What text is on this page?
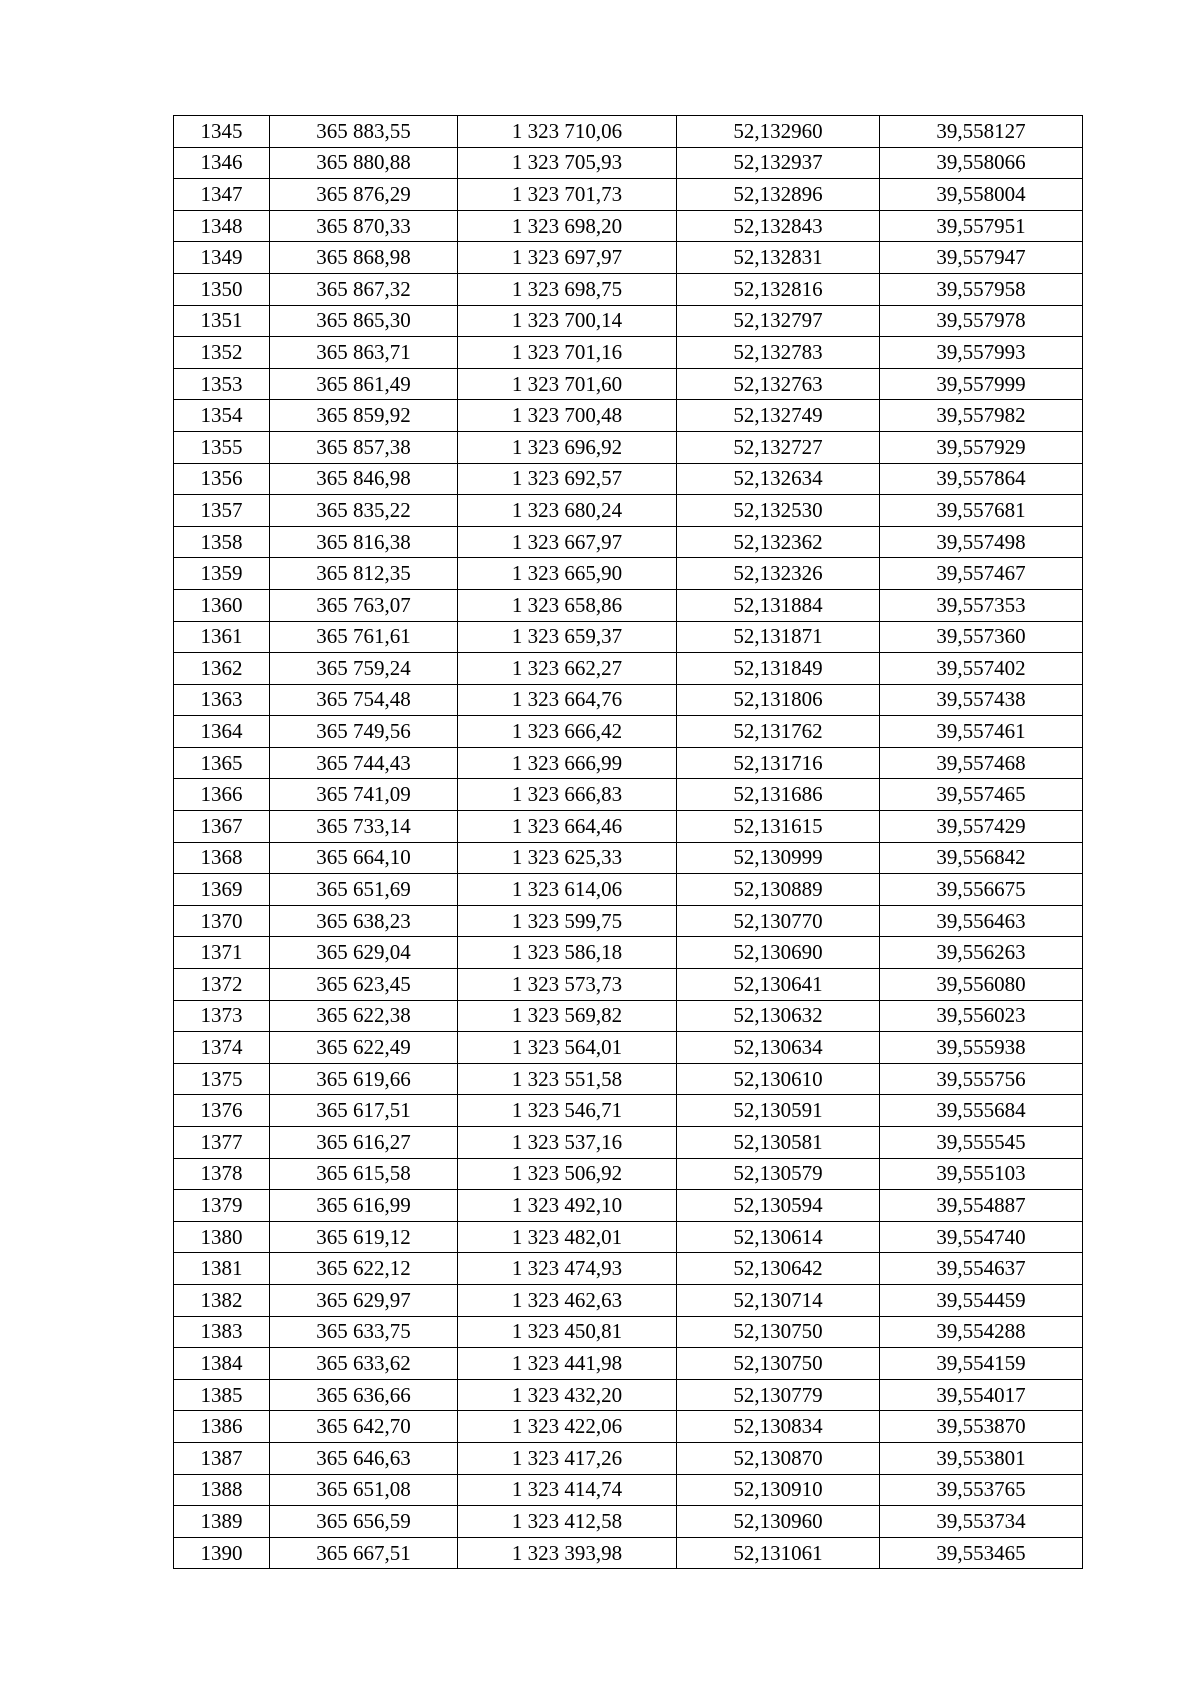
1345	365 883,55	1 323 710,06	52,132960	39,558127
1346	365 880,88	1 323 705,93	52,132937	39,558066
1347	365 876,29	1 323 701,73	52,132896	39,558004
1348	365 870,33	1 323 698,20	52,132843	39,557951
1349	365 868,98	1 323 697,97	52,132831	39,557947
1350	365 867,32	1 323 698,75	52,132816	39,557958
1351	365 865,30	1 323 700,14	52,132797	39,557978
1352	365 863,71	1 323 701,16	52,132783	39,557993
1353	365 861,49	1 323 701,60	52,132763	39,557999
1354	365 859,92	1 323 700,48	52,132749	39,557982
1355	365 857,38	1 323 696,92	52,132727	39,557929
1356	365 846,98	1 323 692,57	52,132634	39,557864
1357	365 835,22	1 323 680,24	52,132530	39,557681
1358	365 816,38	1 323 667,97	52,132362	39,557498
1359	365 812,35	1 323 665,90	52,132326	39,557467
1360	365 763,07	1 323 658,86	52,131884	39,557353
1361	365 761,61	1 323 659,37	52,131871	39,557360
1362	365 759,24	1 323 662,27	52,131849	39,557402
1363	365 754,48	1 323 664,76	52,131806	39,557438
1364	365 749,56	1 323 666,42	52,131762	39,557461
1365	365 744,43	1 323 666,99	52,131716	39,557468
1366	365 741,09	1 323 666,83	52,131686	39,557465
1367	365 733,14	1 323 664,46	52,131615	39,557429
1368	365 664,10	1 323 625,33	52,130999	39,556842
1369	365 651,69	1 323 614,06	52,130889	39,556675
1370	365 638,23	1 323 599,75	52,130770	39,556463
1371	365 629,04	1 323 586,18	52,130690	39,556263
1372	365 623,45	1 323 573,73	52,130641	39,556080
1373	365 622,38	1 323 569,82	52,130632	39,556023
1374	365 622,49	1 323 564,01	52,130634	39,555938
1375	365 619,66	1 323 551,58	52,130610	39,555756
1376	365 617,51	1 323 546,71	52,130591	39,555684
1377	365 616,27	1 323 537,16	52,130581	39,555545
1378	365 615,58	1 323 506,92	52,130579	39,555103
1379	365 616,99	1 323 492,10	52,130594	39,554887
1380	365 619,12	1 323 482,01	52,130614	39,554740
1381	365 622,12	1 323 474,93	52,130642	39,554637
1382	365 629,97	1 323 462,63	52,130714	39,554459
1383	365 633,75	1 323 450,81	52,130750	39,554288
1384	365 633,62	1 323 441,98	52,130750	39,554159
1385	365 636,66	1 323 432,20	52,130779	39,554017
1386	365 642,70	1 323 422,06	52,130834	39,553870
1387	365 646,63	1 323 417,26	52,130870	39,553801
1388	365 651,08	1 323 414,74	52,130910	39,553765
1389	365 656,59	1 323 412,58	52,130960	39,553734
1390	365 667,51	1 323 393,98	52,131061	39,553465
